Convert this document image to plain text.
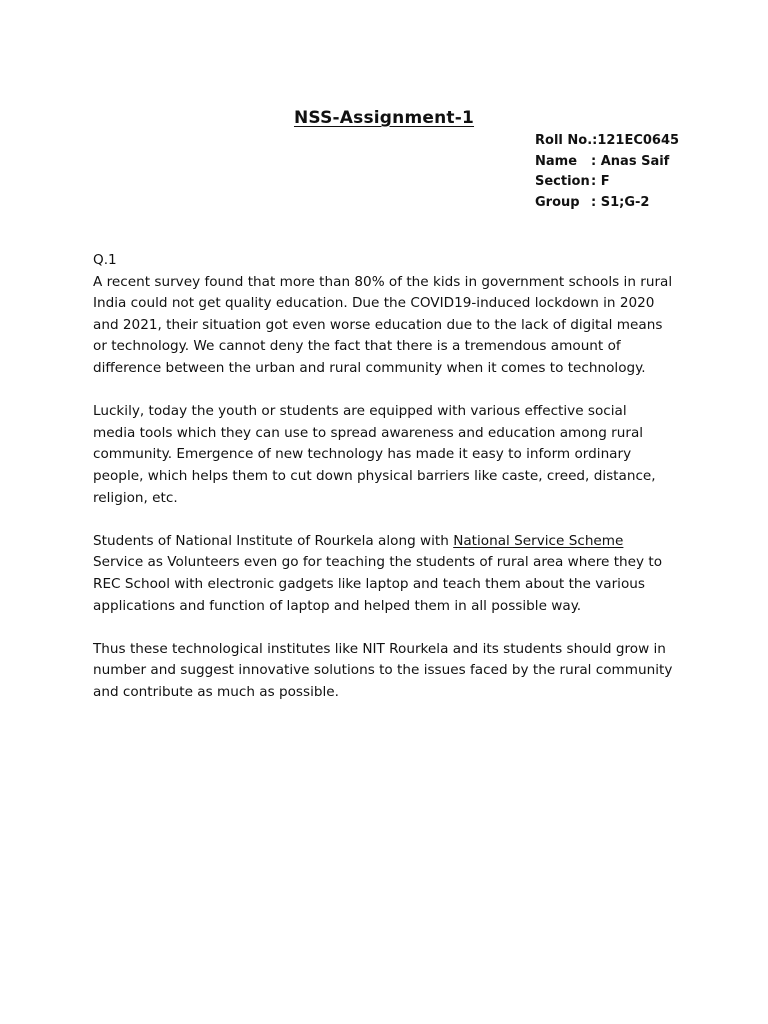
NSS-Assignment-1
Roll No.: 121EC0645
Name	: Anas Saif
Section : F
Group : S1;G-2

Q.1

A recent survey found that more than 80% of the kids in government schools in rural India could not get quality education. Due the COVID19-induced lockdown in 2020 and 2021, their situation got even worse education due to the lack of digital means or technology. We cannot deny the fact that there is a tremendous amount of difference between the urban and rural community when it comes to technology.

Luckily, today the youth or students are equipped with various effective social media tools which they can use to spread awareness and education among rural community. Emergence of new technology has made it easy to inform ordinary people, which helps them to cut down physical barriers like caste, creed, distance, religion, etc.

Students of National Institute of Rourkela along with National Service Scheme Service as Volunteers even go for teaching the students of rural area where they to REC School with electronic gadgets like laptop and teach them about the various applications and function of laptop and helped them in all possible way.

Thus these technological institutes like NIT Rourkela and its students should grow in number and suggest innovative solutions to the issues faced by the rural community and contribute as much as possible.
